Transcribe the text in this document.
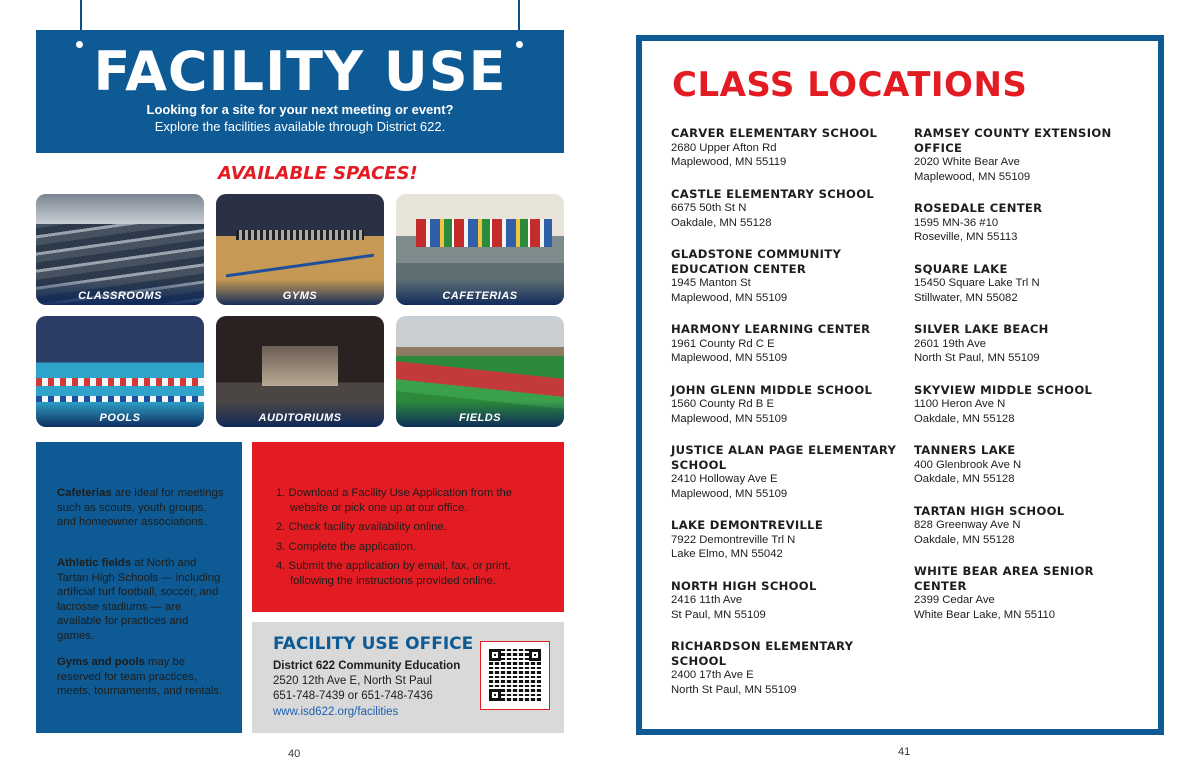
FACILITY USE
Looking for a site for your next meeting or event?
Explore the facilities available through District 622.
AVAILABLE SPACES!
CLASSROOMS	GYMS	CAFETERIAS
POOLS	AUDITORIUMS	FIELDS

Cafeterias are ideal for meetings such as scouts, youth groups, and homeowner associations.

Athletic fields at North and Tartan High Schools — including artificial turf football, soccer, and lacrosse stadiums — are available for practices and games.

Gyms and pools may be reserved for team practices, meets, tournaments, and rentals.

1. Download a Facility Use Application from the website or pick one up at our office.
2. Check facility availability online.
3. Complete the application.
4. Submit the application by email, fax, or print, following the instructions provided online.
FACILITY USE OFFICE
District 622 Community Education
2520 12th Ave E, North St Paul
651-748-7439 or 651-748-7436
www.isd622.org/facilities
40
CLASS LOCATIONS
CARVER ELEMENTARY SCHOOL
2680 Upper Afton Rd
Maplewood, MN 55119
CASTLE ELEMENTARY SCHOOL
6675 50th St N
Oakdale, MN 55128
GLADSTONE COMMUNITY EDUCATION CENTER
1945 Manton St
Maplewood, MN 55109
HARMONY LEARNING CENTER
1961 County Rd C E
Maplewood, MN 55109
JOHN GLENN MIDDLE SCHOOL
1560 County Rd B E
Maplewood, MN 55109
JUSTICE ALAN PAGE ELEMENTARY SCHOOL
2410 Holloway Ave E
Maplewood, MN 55109
LAKE DEMONTREVILLE
7922 Demontreville Trl N
Lake Elmo, MN 55042
NORTH HIGH SCHOOL
2416 11th Ave
St Paul, MN 55109
RICHARDSON ELEMENTARY SCHOOL
2400 17th Ave E
North St Paul, MN 55109
RAMSEY COUNTY EXTENSION OFFICE
2020 White Bear Ave
Maplewood, MN 55109
ROSEDALE CENTER
1595 MN-36 #10
Roseville, MN 55113
SQUARE LAKE
15450 Square Lake Trl N
Stillwater, MN 55082
SILVER LAKE BEACH
2601 19th Ave
North St Paul, MN 55109
SKYVIEW MIDDLE SCHOOL
1100 Heron Ave N
Oakdale, MN 55128
TANNERS LAKE
400 Glenbrook Ave N
Oakdale, MN 55128
TARTAN HIGH SCHOOL
828 Greenway Ave N
Oakdale, MN 55128
WHITE BEAR AREA SENIOR CENTER
2399 Cedar Ave
White Bear Lake, MN 55110
41
